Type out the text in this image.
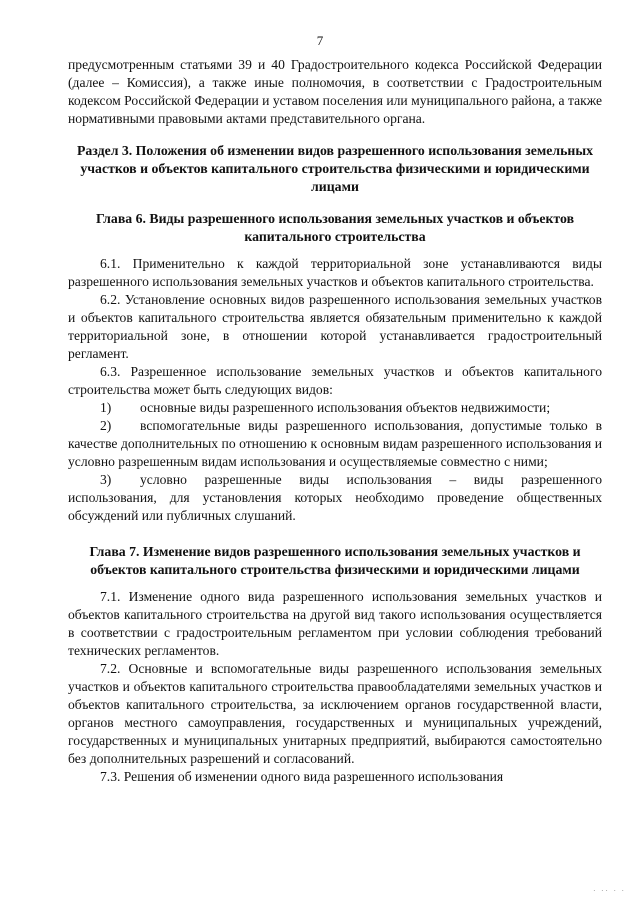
7

предусмотренным статьями 39 и 40 Градостроительного кодекса Российской Федерации (далее – Комиссия), а также иные полномочия, в соответствии с Градостроительным кодексом Российской Федерации и уставом поселения или муниципального района, а также нормативными правовыми актами представительного органа.

Раздел 3. Положения об изменении видов разрешенного использования земельных участков и объектов капитального строительства физическими и юридическими лицами
Глава 6. Виды разрешенного использования земельных участков и объектов капитального строительства

6.1. Применительно к каждой территориальной зоне устанавливаются виды разрешенного использования земельных участков и объектов капитального строительства.

6.2. Установление основных видов разрешенного использования земельных участков и объектов капитального строительства является обязательным применительно к каждой территориальной зоне, в отношении которой устанавливается градостроительный регламент.

6.3. Разрешенное использование земельных участков и объектов капитального строительства может быть следующих видов:

1) основные виды разрешенного использования объектов недвижимости;

2) вспомогательные виды разрешенного использования, допустимые только в качестве дополнительных по отношению к основным видам разрешенного использования и условно разрешенным видам использования и осуществляемые совместно с ними;

3) условно разрешенные виды использования – виды разрешенного использования, для установления которых необходимо проведение общественных обсуждений или публичных слушаний.

Глава 7. Изменение видов разрешенного использования земельных участков и объектов капитального строительства физическими и юридическими лицами

7.1. Изменение одного вида разрешенного использования земельных участков и объектов капитального строительства на другой вид такого использования осуществляется в соответствии с градостроительным регламентом при условии соблюдения требований технических регламентов.

7.2. Основные и вспомогательные виды разрешенного использования земельных участков и объектов капитального строительства правообладателями земельных участков и объектов капитального строительства, за исключением органов государственной власти, органов местного самоуправления, государственных и муниципальных учреждений, государственных и муниципальных унитарных предприятий, выбираются самостоятельно без дополнительных разрешений и согласований.

7.3. Решения об изменении одного вида разрешенного использования

· ·· · ·
